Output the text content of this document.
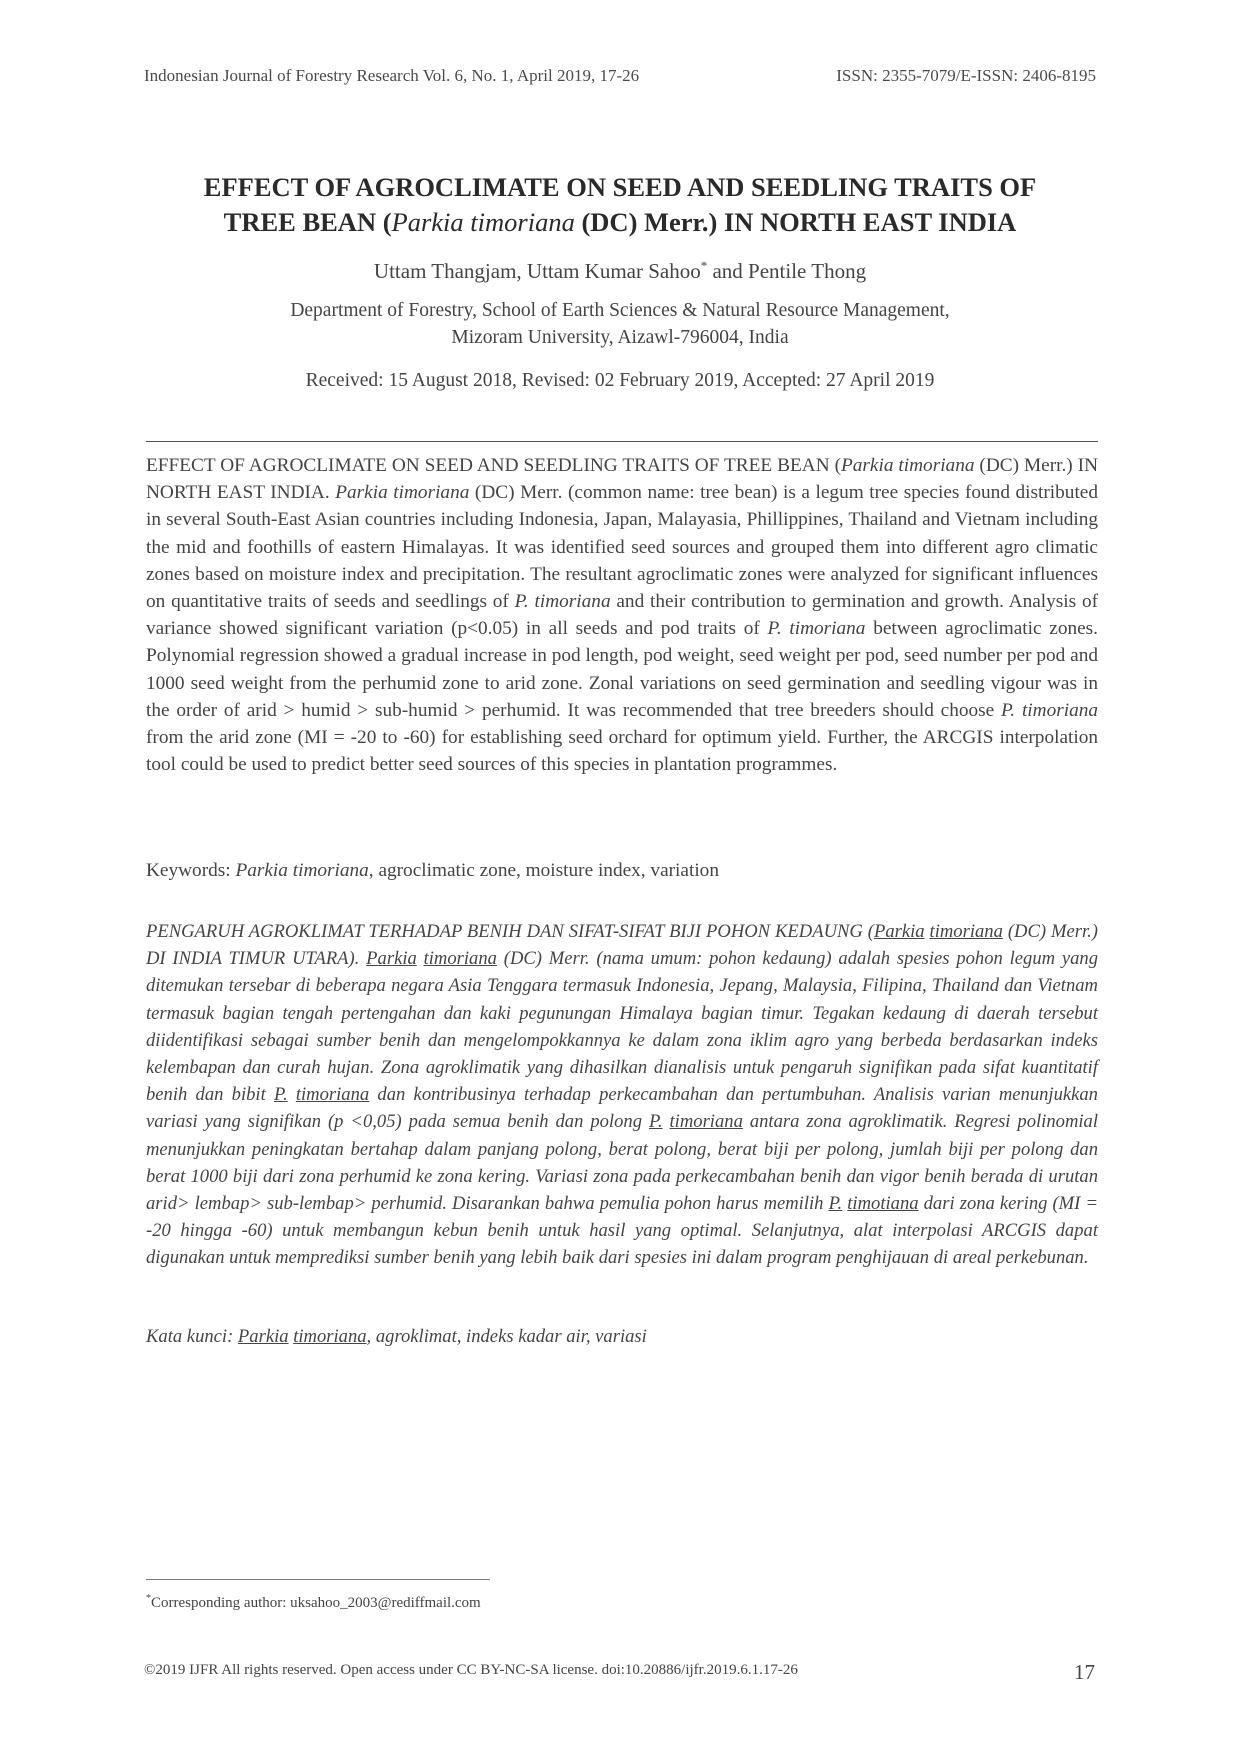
Indonesian Journal of Forestry Research Vol. 6, No. 1, April 2019, 17-26	ISSN: 2355-7079/E-ISSN: 2406-8195
EFFECT OF AGROCLIMATE ON SEED AND SEEDLING TRAITS OF
TREE BEAN (Parkia timoriana (DC) Merr.) IN NORTH EAST INDIA
Uttam Thangjam, Uttam Kumar Sahoo* and Pentile Thong
Department of Forestry, School of Earth Sciences & Natural Resource Management,
Mizoram University, Aizawl-796004, India
Received: 15 August 2018, Revised: 02 February 2019, Accepted: 27 April 2019
EFFECT OF AGROCLIMATE ON SEED AND SEEDLING TRAITS OF TREE BEAN (Parkia timoriana (DC) Merr.) IN NORTH EAST INDIA. Parkia timoriana (DC) Merr. (common name: tree bean) is a legum tree species found distributed in several South-East Asian countries including Indonesia, Japan, Malayasia, Phillippines, Thailand and Vietnam including the mid and foothills of eastern Himalayas. It was identified seed sources and grouped them into different agro climatic zones based on moisture index and precipitation. The resultant agroclimatic zones were analyzed for significant influences on quantitative traits of seeds and seedlings of P. timoriana and their contribution to germination and growth. Analysis of variance showed significant variation (p<0.05) in all seeds and pod traits of P. timoriana between agroclimatic zones. Polynomial regression showed a gradual increase in pod length, pod weight, seed weight per pod, seed number per pod and 1000 seed weight from the perhumid zone to arid zone. Zonal variations on seed germination and seedling vigour was in the order of arid > humid > sub-humid > perhumid. It was recommended that tree breeders should choose P. timoriana from the arid zone (MI = -20 to -60) for establishing seed orchard for optimum yield. Further, the ARCGIS interpolation tool could be used to predict better seed sources of this species in plantation programmes.
Keywords: Parkia timoriana, agroclimatic zone, moisture index, variation
PENGARUH AGROKLIMAT TERHADAP BENIH DAN SIFAT-SIFAT BIJI POHON KEDAUNG (Parkia timoriana (DC) Merr.) DI INDIA TIMUR UTARA). Parkia timoriana (DC) Merr. (nama umum: pohon kedaung) adalah spesies pohon legum yang ditemukan tersebar di beberapa negara Asia Tenggara termasuk Indonesia, Jepang, Malaysia, Filipina, Thailand dan Vietnam termasuk bagian tengah pertengahan dan kaki pegunungan Himalaya bagian timur. Tegakan kedaung di daerah tersebut diidentifikasi sebagai sumber benih dan mengelompokkannya ke dalam zona iklim agro yang berbeda berdasarkan indeks kelembapan dan curah hujan. Zona agroklimatik yang dihasilkan dianalisis untuk pengaruh signifikan pada sifat kuantitatif benih dan bibit P. timoriana dan kontribusinya terhadap perkecambahan dan pertumbuhan. Analisis varian menunjukkan variasi yang signifikan (p <0,05) pada semua benih dan polong P. timoriana antara zona agroklimatik. Regresi polinomial menunjukkan peningkatan bertahap dalam panjang polong, berat polong, berat biji per polong, jumlah biji per polong dan berat 1000 biji dari zona perhumid ke zona kering. Variasi zona pada perkecambahan benih dan vigor benih berada di urutan arid> lembap> sub-lembap> perhumid. Disarankan bahwa pemulia pohon harus memilih P. timotiana dari zona kering (MI = -20 hingga -60) untuk membangun kebun benih untuk hasil yang optimal. Selanjutnya, alat interpolasi ARCGIS dapat digunakan untuk memprediksi sumber benih yang lebih baik dari spesies ini dalam program penghijauan di areal perkebunan.
Kata kunci: Parkia timoriana, agroklimat, indeks kadar air, variasi
*Corresponding author: uksahoo_2003@rediffmail.com
©2019 IJFR All rights reserved. Open access under CC BY-NC-SA license. doi:10.20886/ijfr.2019.6.1.17-26	17
